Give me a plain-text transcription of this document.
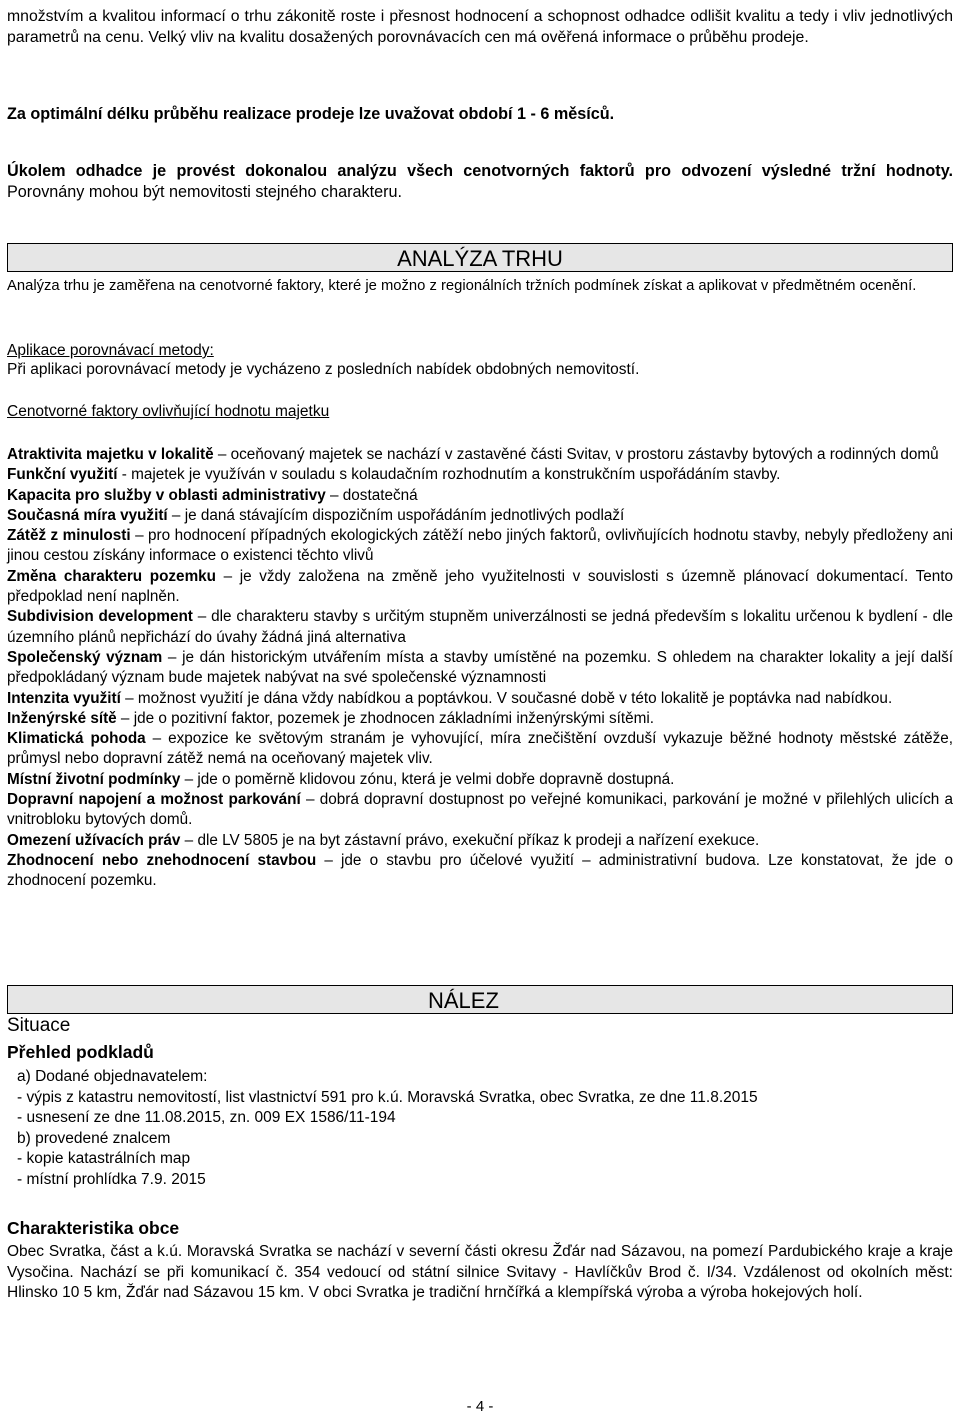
množstvím a kvalitou informací o trhu zákonitě roste i přesnost hodnocení a schopnost odhadce odlišit kvalitu a tedy i vliv jednotlivých parametrů na cenu. Velký vliv na kvalitu dosažených porovnávacích cen má ověřená informace o průběhu prodeje.

Za optimální délku průběhu realizace prodeje lze uvažovat období 1 - 6 měsíců.

Úkolem odhadce je provést dokonalou analýzu všech cenotvorných faktorů pro odvození výsledné tržní hodnoty. Porovnány mohou být nemovitosti stejného charakteru.

ANALÝZA TRHU

Analýza trhu je zaměřena na cenotvorné faktory, které je možno z regionálních tržních podmínek získat a aplikovat v předmětném ocenění.

Aplikace porovnávací metody:

Při aplikaci porovnávací metody je vycházeno z posledních nabídek obdobných nemovitostí.

Cenotvorné faktory ovlivňující hodnotu majetku

Atraktivita majetku v lokalitě – oceňovaný majetek se nachází v zastavěné části Svitav, v prostoru zástavby bytových a rodinných domů

Funkční využití - majetek je využíván v souladu s kolaudačním rozhodnutím a konstrukčním uspořádáním stavby.

Kapacita pro služby v oblasti administrativy – dostatečná

Současná míra využití – je daná stávajícím dispozičním uspořádáním jednotlivých podlaží

Zátěž z minulosti – pro hodnocení případných ekologických zátěží nebo jiných faktorů, ovlivňujících hodnotu stavby, nebyly předloženy ani jinou cestou získány informace o existenci těchto vlivů

Změna charakteru pozemku – je vždy založena na změně jeho využitelnosti v souvislosti s územně plánovací dokumentací. Tento předpoklad není naplněn.

Subdivision development – dle charakteru stavby s určitým stupněm univerzálnosti se jedná především s lokalitu určenou k bydlení - dle územního plánů nepřichází do úvahy žádná jiná alternativa

Společenský význam – je dán historickým utvářením místa a stavby umístěné na pozemku. S ohledem na charakter lokality a její další předpokládaný význam bude majetek nabývat na své společenské významnosti

Intenzita využití – možnost využití je dána vždy nabídkou a poptávkou. V současné době v této lokalitě je poptávka nad nabídkou.

Inženýrské sítě – jde o pozitivní faktor, pozemek je zhodnocen základními inženýrskými sítěmi.

Klimatická pohoda – expozice ke světovým stranám je vyhovující, míra znečištění ovzduší vykazuje běžné hodnoty městské zátěže, průmysl nebo dopravní zátěž nemá na oceňovaný majetek vliv.

Místní životní podmínky – jde o poměrně klidovou zónu, která je velmi dobře dopravně dostupná.

Dopravní napojení a možnost parkování – dobrá dopravní dostupnost po veřejné komunikaci, parkování je možné v přilehlých ulicích a vnitrobloku bytových domů.

Omezení užívacích práv – dle LV 5805 je na byt zástavní právo, exekuční příkaz k prodeji a nařízení exekuce.

Zhodnocení nebo znehodnocení stavbou – jde o stavbu pro účelové využití – administrativní budova. Lze konstatovat, že jde o zhodnocení pozemku.

NÁLEZ

Situace

Přehled podkladů

a) Dodané objednavatelem:

- výpis z katastru nemovitostí, list vlastnictví 591 pro k.ú. Moravská Svratka, obec Svratka, ze dne 11.8.2015

- usnesení ze dne 11.08.2015, zn. 009 EX 1586/11-194

b) provedené znalcem

- kopie katastrálních map

- místní prohlídka 7.9. 2015

Charakteristika obce

Obec Svratka, část a k.ú. Moravská Svratka se nachází v severní části okresu Žďár nad Sázavou, na pomezí Pardubického kraje a kraje Vysočina. Nachází se při komunikací č. 354 vedoucí od státní silnice Svitavy - Havlíčkův Brod č. I/34. Vzdálenost od okolních měst: Hlinsko 10 5 km, Žďár nad Sázavou 15 km. V obci Svratka je tradiční hrnčířká a klempířská výroba a výroba hokejových holí.

- 4 -
